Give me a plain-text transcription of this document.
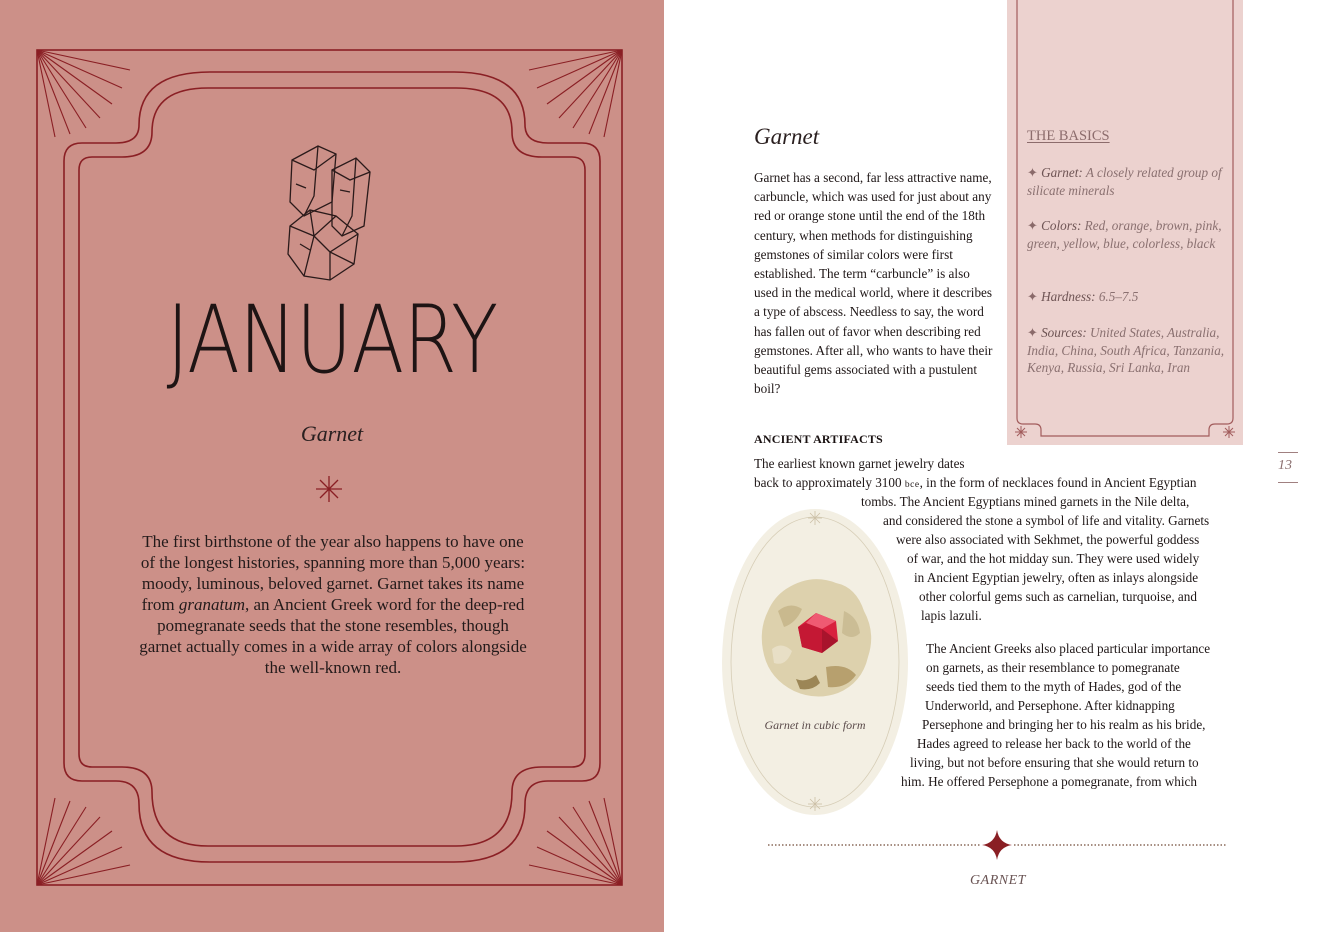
JANUARY
Garnet

The first birthstone of the year also happens to have one of the longest histories, spanning more than 5,000 years: moody, luminous, beloved garnet. Garnet takes its name from granatum, an Ancient Greek word for the deep-red pomegranate seeds that the stone resembles, though garnet actually comes in a wide array of colors alongside the well-known red.

Garnet

Garnet has a second, far less attractive name, carbuncle, which was used for just about any red or orange stone until the end of the 18th century, when methods for distinguishing gemstones of similar colors were first established. The term “carbuncle” is also used in the medical world, where it describes a type of abscess. Needless to say, the word has fallen out of favor when describing red gemstones. After all, who wants to have their beautiful gems associated with a pustulent boil?

THE BASICS
✦ Garnet: A closely related group of silicate minerals
✦ Colors: Red, orange, brown, pink, green, yellow, blue, colorless, black
✦ Hardness: 6.5–7.5
✦ Sources: United States, Australia, India, China, South Africa, Tanzania, Kenya, Russia, Sri Lanka, Iran
ANCIENT ARTIFACTS
The earliest known garnet jewelry dates
back to approximately 3100 bce, in the form of necklaces found in Ancient Egyptian
tombs. The Ancient Egyptians mined garnets in the Nile delta,
and considered the stone a symbol of life and vitality. Garnets
were also associated with Sekhmet, the powerful goddess
of war, and the hot midday sun. They were used widely
in Ancient Egyptian jewelry, often as inlays alongside
other colorful gems such as carnelian, turquoise, and
lapis lazuli.
The Ancient Greeks also placed particular importance
on garnets, as their resemblance to pomegranate
seeds tied them to the myth of Hades, god of the
Underworld, and Persephone. After kidnapping
Persephone and bringing her to his realm as his bride,
Hades agreed to release her back to the world of the
living, but not before ensuring that she would return to
him. He offered Persephone a pomegranate, from which
Garnet in cubic form
GARNET
13
